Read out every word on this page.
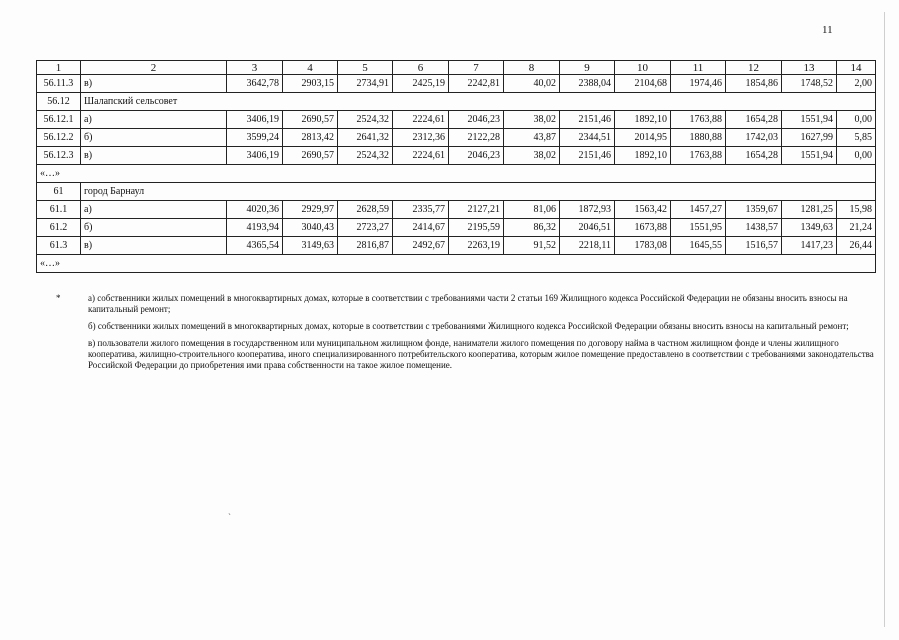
11
1	2	3	4	5	6	7	8	9	10	11	12	13	14
56.11.3	в)	3642,78	2903,15	2734,91	2425,19	2242,81	40,02	2388,04	2104,68	1974,46	1854,86	1748,52	2,00
56.12	Шалапский сельсовет												
56.12.1	а)	3406,19	2690,57	2524,32	2224,61	2046,23	38,02	2151,46	1892,10	1763,88	1654,28	1551,94	0,00
56.12.2	б)	3599,24	2813,42	2641,32	2312,36	2122,28	43,87	2344,51	2014,95	1880,88	1742,03	1627,99	5,85
56.12.3	в)	3406,19	2690,57	2524,32	2224,61	2046,23	38,02	2151,46	1892,10	1763,88	1654,28	1551,94	0,00
«…»													
61	город Барнаул												
61.1	а)	4020,36	2929,97	2628,59	2335,77	2127,21	81,06	1872,93	1563,42	1457,27	1359,67	1281,25	15,98
61.2	б)	4193,94	3040,43	2723,27	2414,67	2195,59	86,32	2046,51	1673,88	1551,95	1438,57	1349,63	21,24
61.3	в)	4365,54	3149,63	2816,87	2492,67	2263,19	91,52	2218,11	1783,08	1645,55	1516,57	1417,23	26,44
«…»													
*	а) собственники жилых помещений в многоквартирных домах, которые в соответствии с требованиями части 2 статьи 169 Жилищного кодекса Российской Федерации не обязаны вносить взносы на капитальный ремонт;

б) собственники жилых помещений в многоквартирных домах, которые в соответствии с требованиями Жилищного кодекса Российской Федерации обязаны вносить взносы на капитальный ремонт;

в) пользователи жилого помещения в государственном или муниципальном жилищном фонде, наниматели жилого помещения по договору найма в частном жилищном фонде и члены жилищного кооператива, жилищно-строительного кооператива, иного специализированного потребительского кооператива, которым жилое помещение предоставлено в соответствии с требованиями законодательства Российской Федерации до приобретения ими права собственности на такое жилое помещение.

`
